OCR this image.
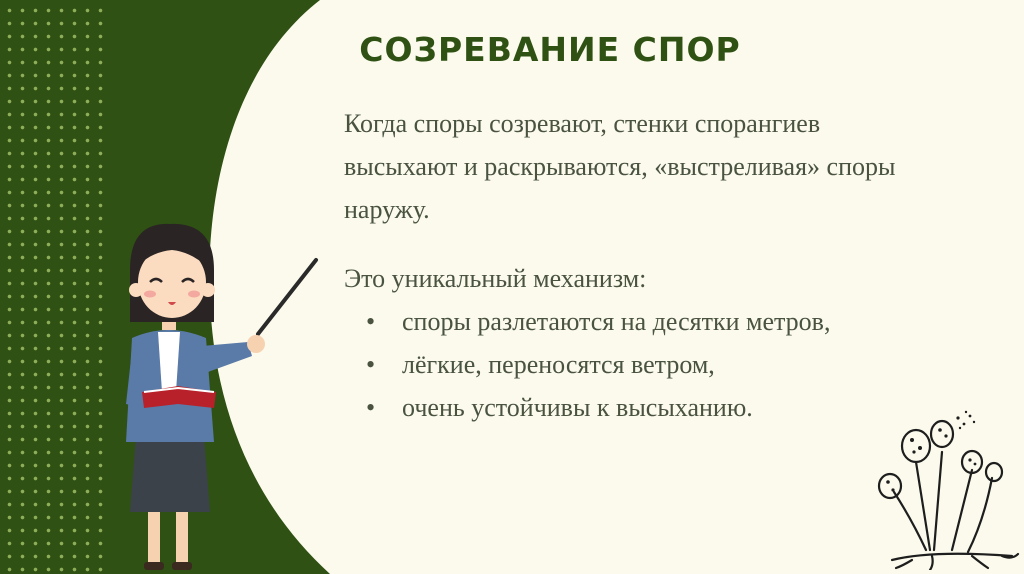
СОЗРЕВАНИЕ СПОР

Когда споры созревают, стенки спорангиев
высыхают и раскрываются, «выстреливая» споры
наружу.

Это уникальный механизм:

• споры разлетаются на десятки метров,
• лёгкие, переносятся ветром,
• очень устойчивы к высыханию.
